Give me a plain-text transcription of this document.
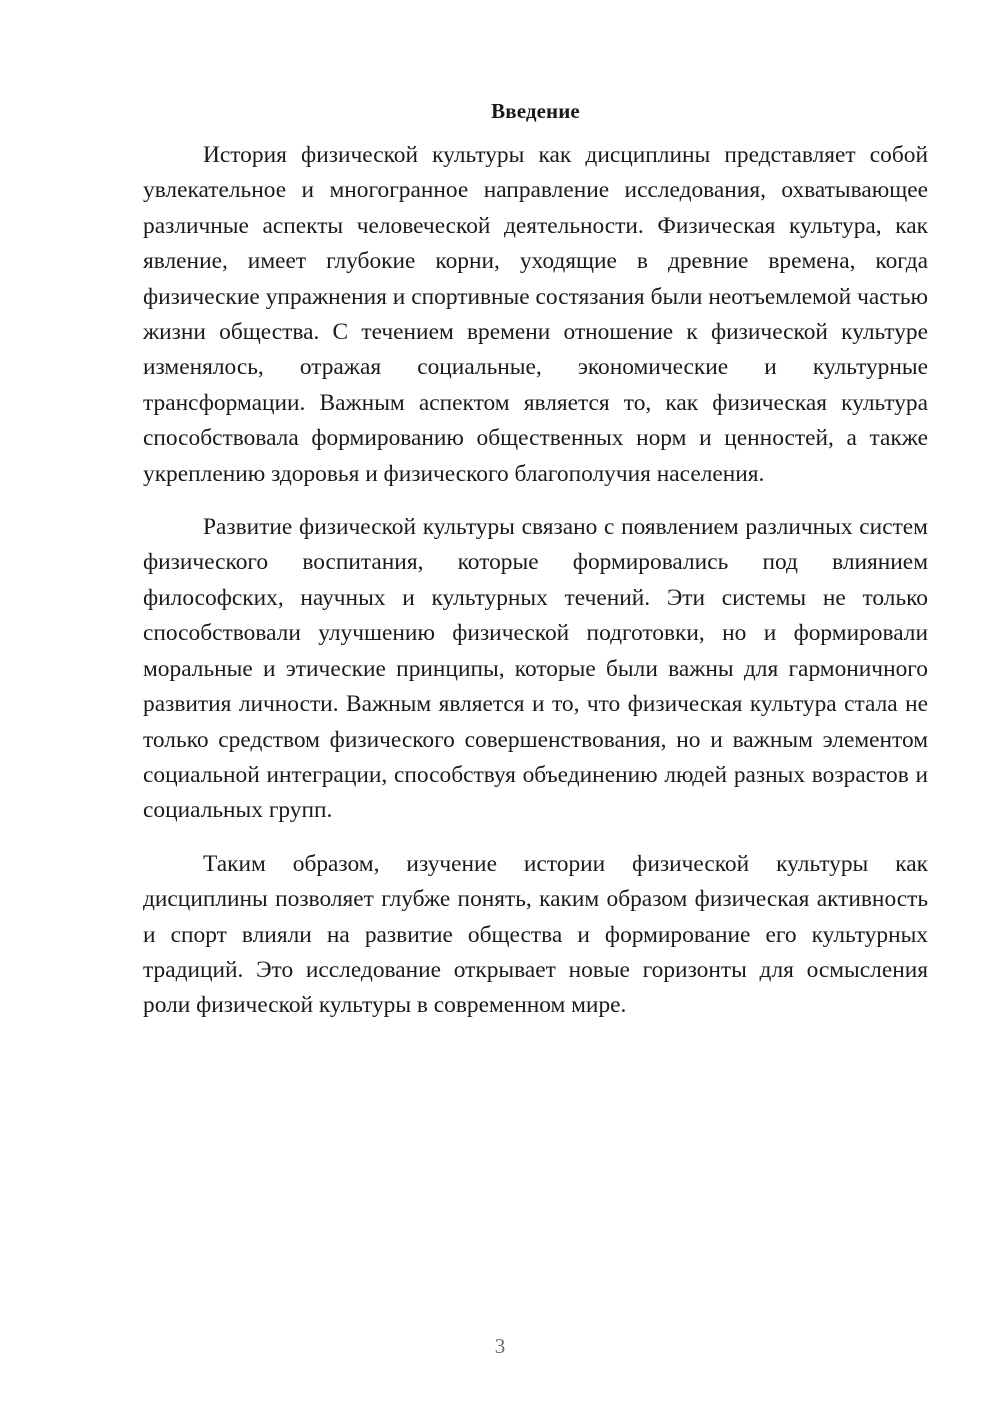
Введение

История физической культуры как дисциплины представляет собой увлекательное и многогранное направление исследования, охватывающее различные аспекты человеческой деятельности. Физическая культура, как явление, имеет глубокие корни, уходящие в древние времена, когда физические упражнения и спортивные состязания были неотъемлемой частью жизни общества. С течением времени отношение к физической культуре изменялось, отражая социальные, экономические и культурные трансформации. Важным аспектом является то, как физическая культура способствовала формированию общественных норм и ценностей, а также укреплению здоровья и физического благополучия населения.

Развитие физической культуры связано с появлением различных систем физического воспитания, которые формировались под влиянием философских, научных и культурных течений. Эти системы не только способствовали улучшению физической подготовки, но и формировали моральные и этические принципы, которые были важны для гармоничного развития личности. Важным является и то, что физическая культура стала не только средством физического совершенствования, но и важным элементом социальной интеграции, способствуя объединению людей разных возрастов и социальных групп.

Таким образом, изучение истории физической культуры как дисциплины позволяет глубже понять, каким образом физическая активность и спорт влияли на развитие общества и формирование его культурных традиций. Это исследование открывает новые горизонты для осмысления роли физической культуры в современном мире.

3
